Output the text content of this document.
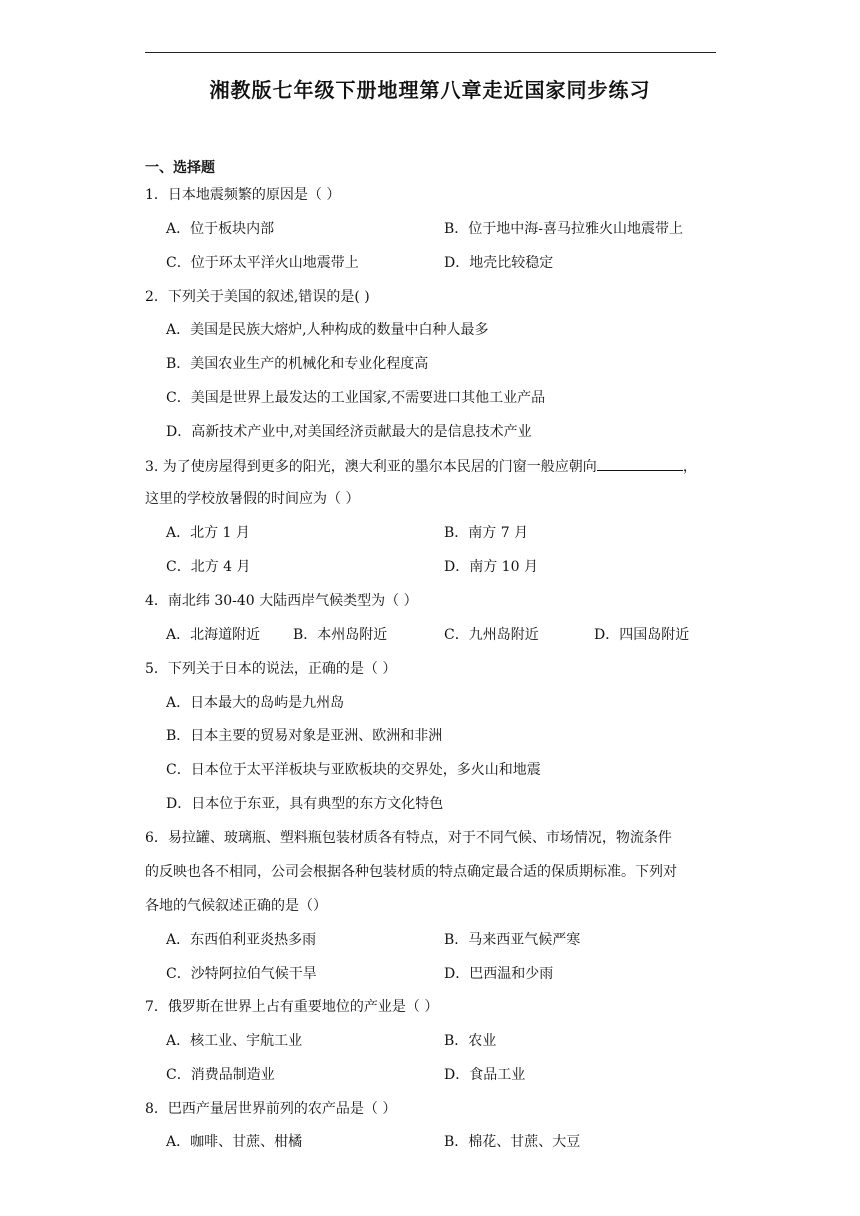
湘教版七年级下册地理第八章走近国家同步练习
一、选择题
1．日本地震频繁的原因是（ ）
A．位于板块内部	B．位于地中海-喜马拉雅火山地震带上
C．位于环太平洋火山地震带上	D．地壳比较稳定
2．下列关于美国的叙述,错误的是( )
A．美国是民族大熔炉,人种构成的数量中白种人最多
B．美国农业生产的机械化和专业化程度高
C．美国是世界上最发达的工业国家,不需要进口其他工业产品
D．高新技术产业中,对美国经济贡献最大的是信息技术产业
3. 为了使房屋得到更多的阳光，澳大利亚的墨尔本民居的门窗一般应朝向	，
这里的学校放暑假的时间应为（ ）
A．北方 1 月	B．南方 7 月
C．北方 4 月	D．南方 10 月
4．南北纬 30-40 大陆西岸气候类型为（ ）
A．北海道附近 B．本州岛附近	C．九州岛附近	D．四国岛附近
5．下列关于日本的说法，正确的是（ ）
A．日本最大的岛屿是九州岛
B．日本主要的贸易对象是亚洲、欧洲和非洲
C．日本位于太平洋板块与亚欧板块的交界处，多火山和地震
D．日本位于东亚，具有典型的东方文化特色
6．易拉罐、玻璃瓶、塑料瓶包装材质各有特点，对于不同气候、市场情况，物流条件
的反映也各不相同，公司会根据各种包装材质的特点确定最合适的保质期标准。下列对
各地的气候叙述正确的是（）
A．东西伯利亚炎热多雨	B．马来西亚气候严寒
C．沙特阿拉伯气候干旱	D．巴西温和少雨
7．俄罗斯在世界上占有重要地位的产业是（ ）
A．核工业、宇航工业	B．农业
C．消费品制造业	D．食品工业
8．巴西产量居世界前列的农产品是（ ）
A．咖啡、甘蔗、柑橘	B．棉花、甘蔗、大豆
